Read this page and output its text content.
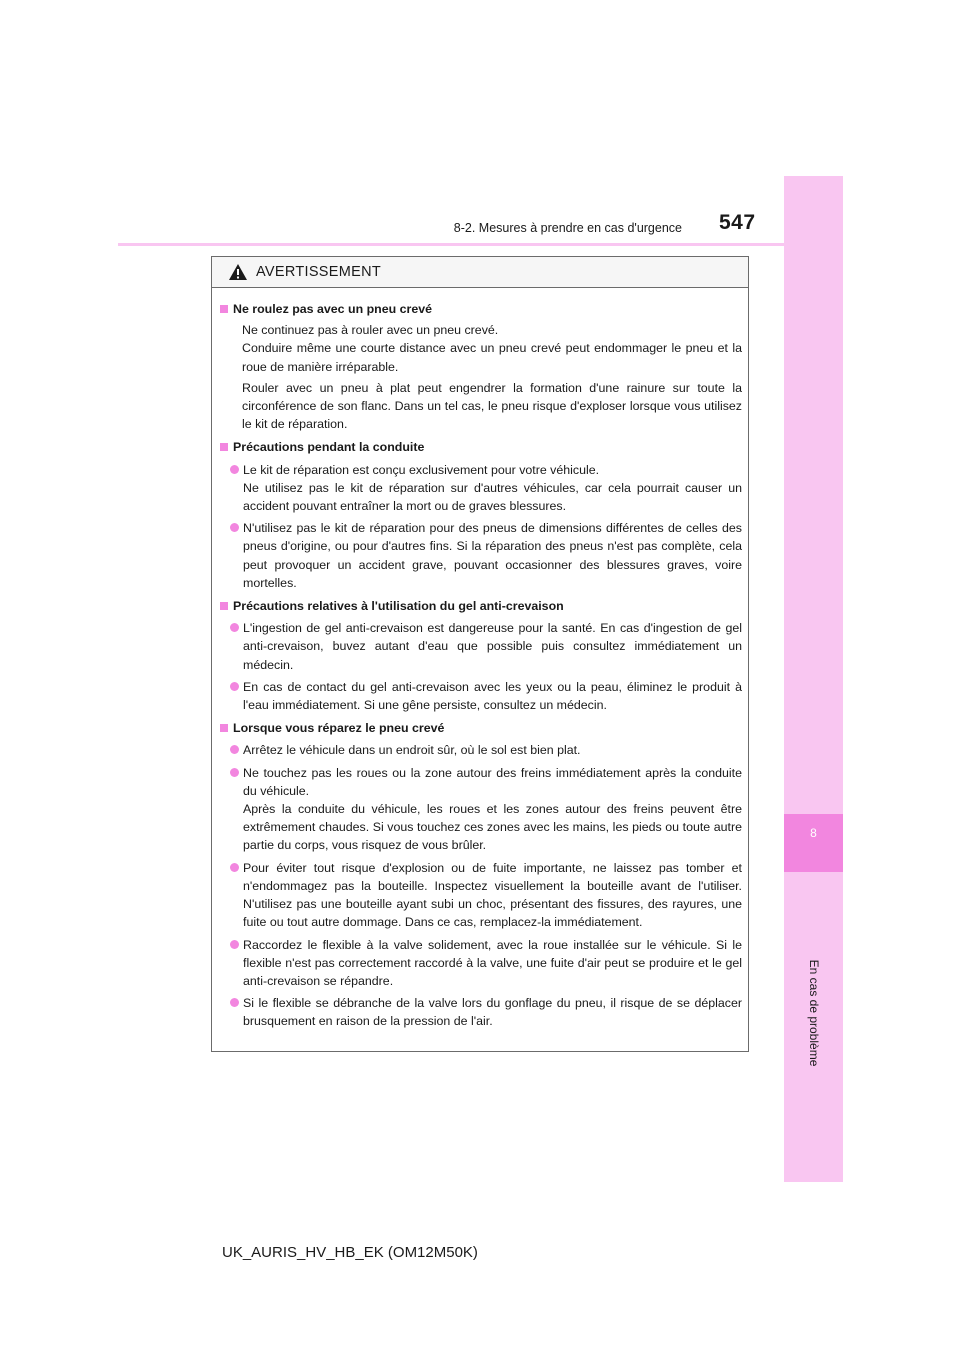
8
En cas de problème
8-2. Mesures à prendre en cas d'urgence 547
AVERTISSEMENT
Ne roulez pas avec un pneu crevé
Ne continuez pas à rouler avec un pneu crevé.
Conduire même une courte distance avec un pneu crevé peut endommager le pneu et la roue de manière irréparable.
Rouler avec un pneu à plat peut engendrer la formation d'une rainure sur toute la circonférence de son flanc. Dans un tel cas, le pneu risque d'exploser lorsque vous utilisez le kit de réparation.
Précautions pendant la conduite
Le kit de réparation est conçu exclusivement pour votre véhicule.
Ne utilisez pas le kit de réparation sur d'autres véhicules, car cela pourrait causer un accident pouvant entraîner la mort ou de graves blessures.
N'utilisez pas le kit de réparation pour des pneus de dimensions différentes de celles des pneus d'origine, ou pour d'autres fins. Si la réparation des pneus n'est pas complète, cela peut provoquer un accident grave, pouvant occasionner des blessures graves, voire mortelles.
Précautions relatives à l'utilisation du gel anti-crevaison
L'ingestion de gel anti-crevaison est dangereuse pour la santé. En cas d'ingestion de gel anti-crevaison, buvez autant d'eau que possible puis consultez immédiatement un médecin.
En cas de contact du gel anti-crevaison avec les yeux ou la peau, éliminez le produit à l'eau immédiatement. Si une gêne persiste, consultez un médecin.
Lorsque vous réparez le pneu crevé
Arrêtez le véhicule dans un endroit sûr, où le sol est bien plat.
Ne touchez pas les roues ou la zone autour des freins immédiatement après la conduite du véhicule.
Après la conduite du véhicule, les roues et les zones autour des freins peuvent être extrêmement chaudes. Si vous touchez ces zones avec les mains, les pieds ou toute autre partie du corps, vous risquez de vous brûler.
Pour éviter tout risque d'explosion ou de fuite importante, ne laissez pas tomber et n'endommagez pas la bouteille. Inspectez visuellement la bouteille avant de l'utiliser. N'utilisez pas une bouteille ayant subi un choc, présentant des fissures, des rayures, une fuite ou tout autre dommage. Dans ce cas, remplacez-la immédiatement.
Raccordez le flexible à la valve solidement, avec la roue installée sur le véhicule. Si le flexible n'est pas correctement raccordé à la valve, une fuite d'air peut se produire et le gel anti-crevaison se répandre.
Si le flexible se débranche de la valve lors du gonflage du pneu, il risque de se déplacer brusquement en raison de la pression de l'air.
UK_AURIS_HV_HB_EK (OM12M50K)
